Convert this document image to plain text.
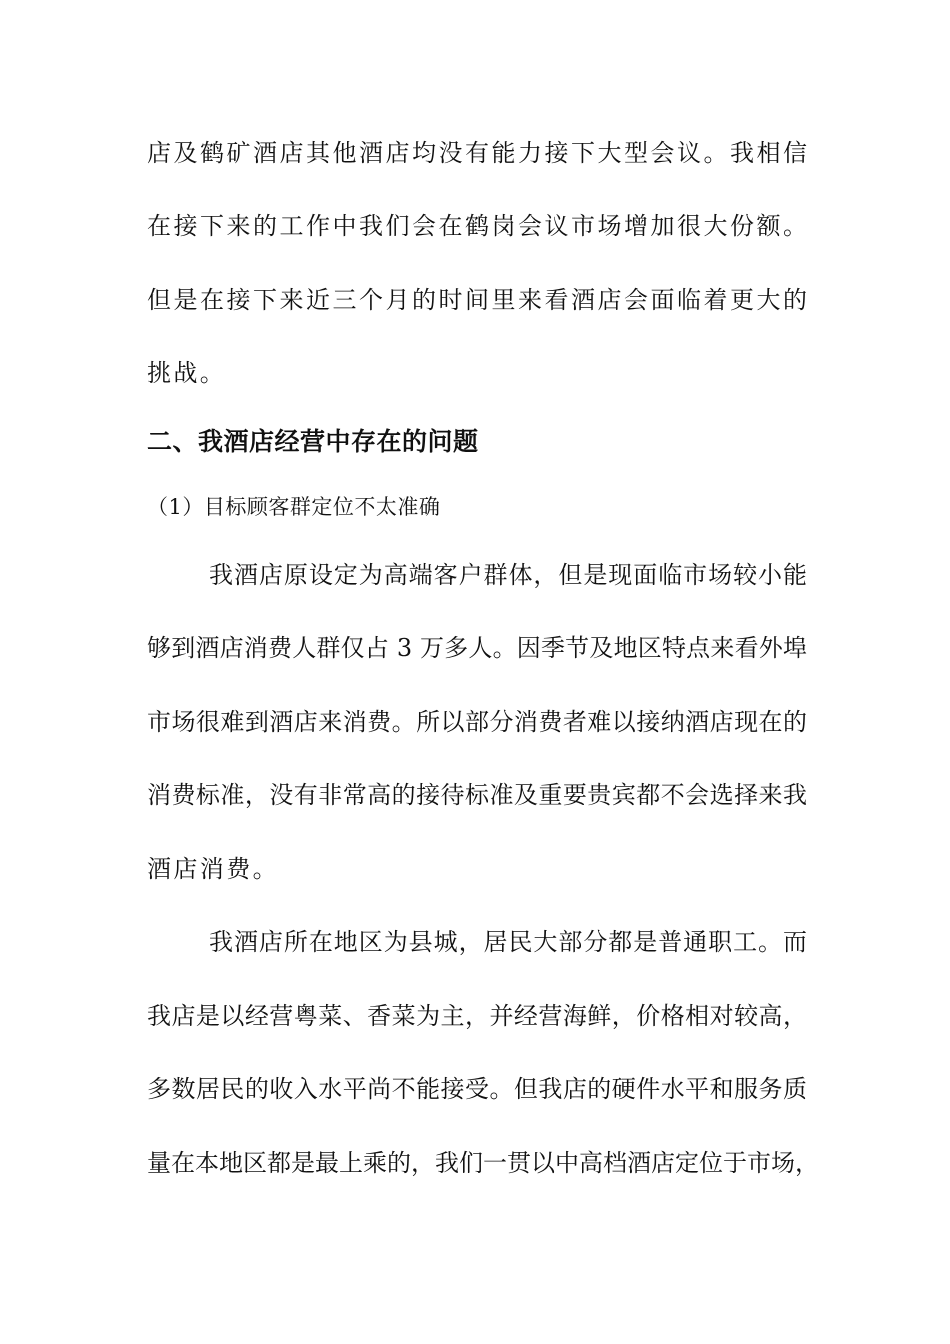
店及鹤矿酒店其他酒店均没有能力接下大型会议。我相信
在接下来的工作中我们会在鹤岗会议市场增加很大份额。
但是在接下来近三个月的时间里来看酒店会面临着更大的
挑战。
二、我酒店经营中存在的问题
（1）目标顾客群定位不太准确
我酒店原设定为高端客户群体，但是现面临市场较小能
够到酒店消费人群仅占 3 万多人。因季节及地区特点来看外埠
市场很难到酒店来消费。所以部分消费者难以接纳酒店现在的
消费标准，没有非常高的接待标准及重要贵宾都不会选择来我
酒店消费。
我酒店所在地区为县城，居民大部分都是普通职工。而
我店是以经营粤菜、香菜为主，并经营海鲜，价格相对较高，
多数居民的收入水平尚不能接受。但我店的硬件水平和服务质
量在本地区都是最上乘的，我们一贯以中高档酒店定位于市场，
